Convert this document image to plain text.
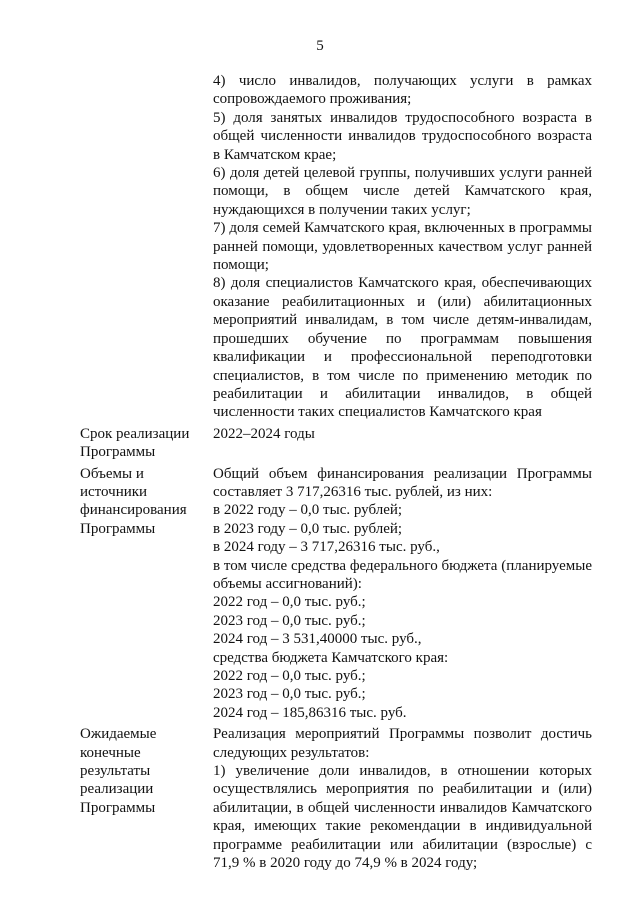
5

4) число инвалидов, получающих услуги в рамках сопровождаемого проживания;

5) доля занятых инвалидов трудоспособного возраста в общей численности инвалидов трудоспособного возраста в Камчатском крае;

6) доля детей целевой группы, получивших услуги ранней помощи, в общем числе детей Камчатского края, нуждающихся в получении таких услуг;

7) доля семей Камчатского края, включенных в программы ранней помощи, удовлетворенных качеством услуг ранней помощи;

8) доля специалистов Камчатского края, обеспечивающих оказание реабилитационных и (или) абилитационных мероприятий инвалидам, в том числе детям-инвалидам, прошедших обучение по программам повышения квалификации и профессиональной переподготовки специалистов, в том числе по применению методик по реабилитации и абилитации инвалидов, в общей численности таких специалистов Камчатского края

Срок реализации
Программы

2022–2024 годы

Объемы и
источники
финансирования
Программы

Общий объем финансирования реализации Программы составляет 3 717,26316 тыс. рублей, из них:

в 2022 году – 0,0 тыс. рублей;

в 2023 году – 0,0 тыс. рублей;

в 2024 году – 3 717,26316 тыс. руб.,

в том числе средства федерального бюджета (планируемые объемы ассигнований):

2022 год – 0,0 тыс. руб.;

2023 год – 0,0 тыс. руб.;

2024 год – 3 531,40000 тыс. руб.,

средства бюджета Камчатского края:

2022 год – 0,0 тыс. руб.;

2023 год – 0,0 тыс. руб.;

2024 год – 185,86316 тыс. руб.

Ожидаемые
конечные
результаты
реализации
Программы

Реализация мероприятий Программы позволит достичь следующих результатов:

1) увеличение доли инвалидов, в отношении которых осуществлялись мероприятия по реабилитации и (или) абилитации, в общей численности инвалидов Камчатского края, имеющих такие рекомендации в индивидуальной программе реабилитации или абилитации (взрослые) с 71,9 % в 2020 году до 74,9 % в 2024 году;
